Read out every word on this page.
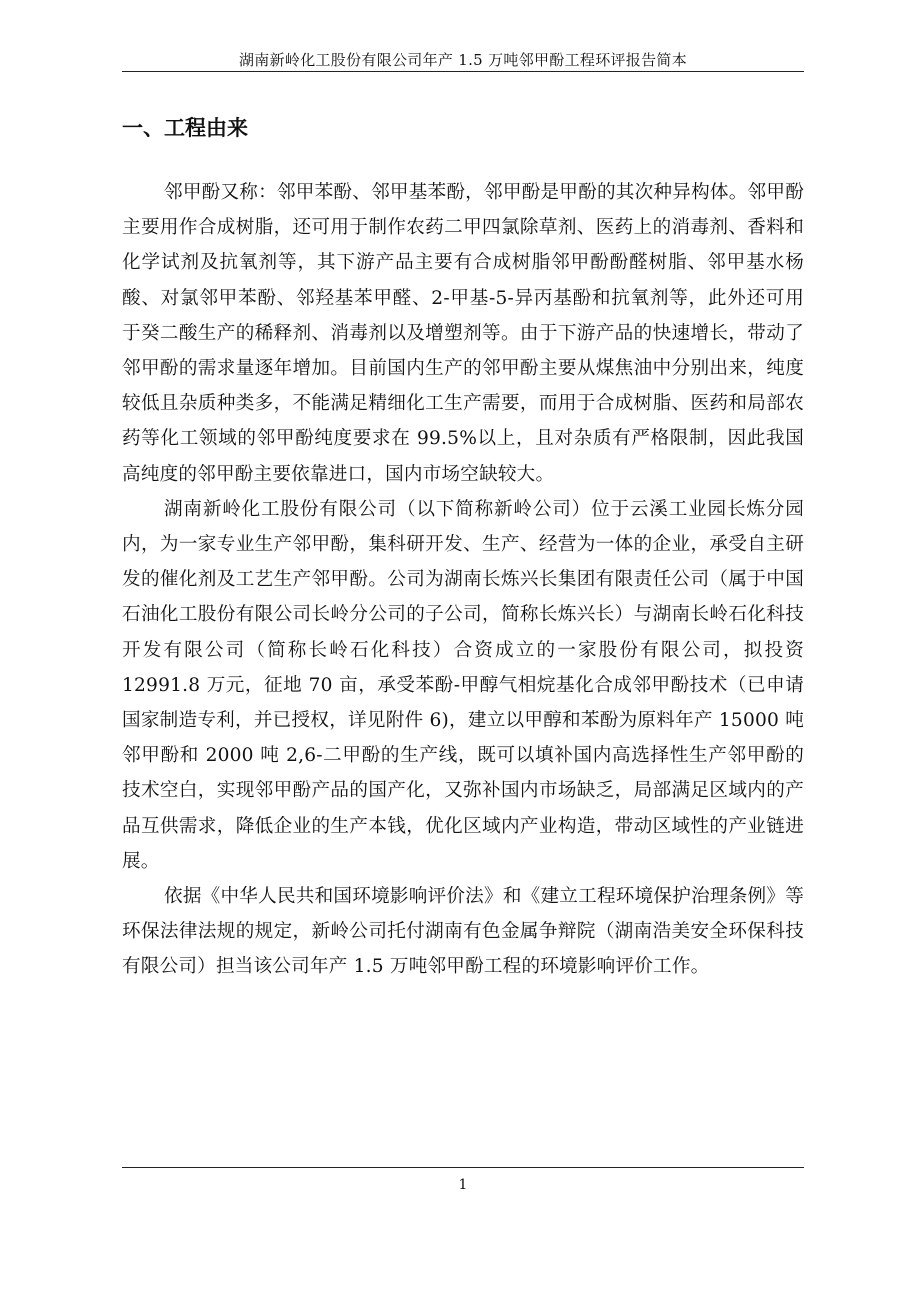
湖南新岭化工股份有限公司年产 1.5 万吨邻甲酚工程环评报告简本
一、工程由来

邻甲酚又称：邻甲苯酚、邻甲基苯酚，邻甲酚是甲酚的其次种异构体。邻甲酚主要用作合成树脂，还可用于制作农药二甲四氯除草剂、医药上的消毒剂、香料和化学试剂及抗氧剂等，其下游产品主要有合成树脂邻甲酚酚醛树脂、邻甲基水杨酸、对氯邻甲苯酚、邻羟基苯甲醛、2-甲基-5-异丙基酚和抗氧剂等，此外还可用于癸二酸生产的稀释剂、消毒剂以及增塑剂等。由于下游产品的快速增长，带动了邻甲酚的需求量逐年增加。目前国内生产的邻甲酚主要从煤焦油中分别出来，纯度较低且杂质种类多，不能满足精细化工生产需要，而用于合成树脂、医药和局部农药等化工领域的邻甲酚纯度要求在 99.5%以上，且对杂质有严格限制，因此我国高纯度的邻甲酚主要依靠进口，国内市场空缺较大。

湖南新岭化工股份有限公司（以下简称新岭公司）位于云溪工业园长炼分园内，为一家专业生产邻甲酚，集科研开发、生产、经营为一体的企业，承受自主研发的催化剂及工艺生产邻甲酚。公司为湖南长炼兴长集团有限责任公司（属于中国石油化工股份有限公司长岭分公司的子公司，简称长炼兴长）与湖南长岭石化科技开发有限公司（简称长岭石化科技）合资成立的一家股份有限公司，拟投资 12991.8 万元，征地 70 亩，承受苯酚-甲醇气相烷基化合成邻甲酚技术（已申请国家制造专利，并已授权，详见附件 6)，建立以甲醇和苯酚为原料年产 15000 吨邻甲酚和 2000 吨 2,6-二甲酚的生产线，既可以填补国内高选择性生产邻甲酚的技术空白，实现邻甲酚产品的国产化，又弥补国内市场缺乏，局部满足区域内的产品互供需求，降低企业的生产本钱，优化区域内产业构造，带动区域性的产业链进展。

依据《中华人民共和国环境影响评价法》和《建立工程环境保护治理条例》等环保法律法规的规定，新岭公司托付湖南有色金属争辩院（湖南浩美安全环保科技有限公司）担当该公司年产 1.5 万吨邻甲酚工程的环境影响评价工作。

1
